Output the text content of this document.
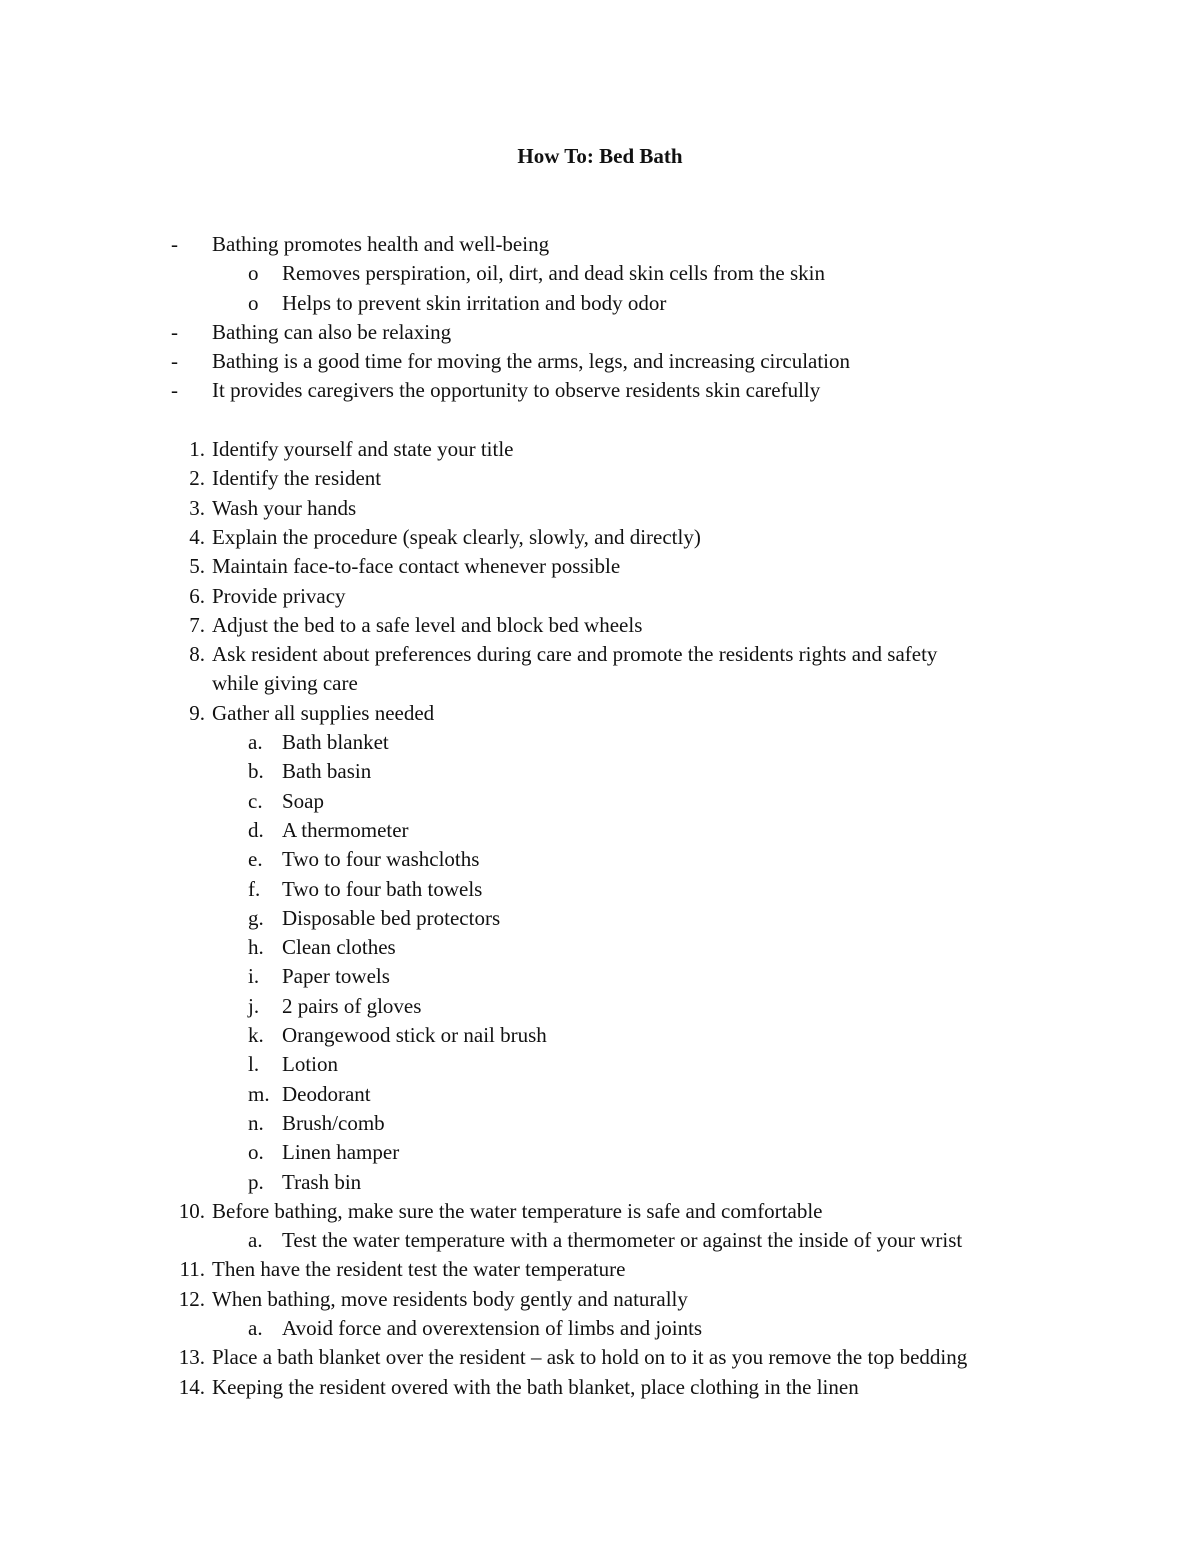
How To: Bed Bath
-	Bathing promotes health and well-being
o	Removes perspiration, oil, dirt, and dead skin cells from the skin
o	Helps to prevent skin irritation and body odor
-	Bathing can also be relaxing
-	Bathing is a good time for moving the arms, legs, and increasing circulation
-	It provides caregivers the opportunity to observe residents skin carefully
1. Identify yourself and state your title
2. Identify the resident
3. Wash your hands
4. Explain the procedure (speak clearly, slowly, and directly)
5. Maintain face-to-face contact whenever possible
6. Provide privacy
7. Adjust the bed to a safe level and block bed wheels
8. Ask resident about preferences during care and promote the residents rights and safety
while giving care
9. Gather all supplies needed
a. Bath blanket
b. Bath basin
c. Soap
d. A thermometer
e. Two to four washcloths
f.	Two to four bath towels
g. Disposable bed protectors
h. Clean clothes
i.	Paper towels
j.	2 pairs of gloves
k. Orangewood stick or nail brush
l.	Lotion
m. Deodorant
n. Brush/comb
o. Linen hamper
p. Trash bin
10. Before bathing, make sure the water temperature is safe and comfortable
a. Test the water temperature with a thermometer or against the inside of your wrist
11. Then have the resident test the water temperature
12. When bathing, move residents body gently and naturally
a. Avoid force and overextension of limbs and joints
13. Place a bath blanket over the resident – ask to hold on to it as you remove the top bedding
14. Keeping the resident overed with the bath blanket, place clothing in the linen
